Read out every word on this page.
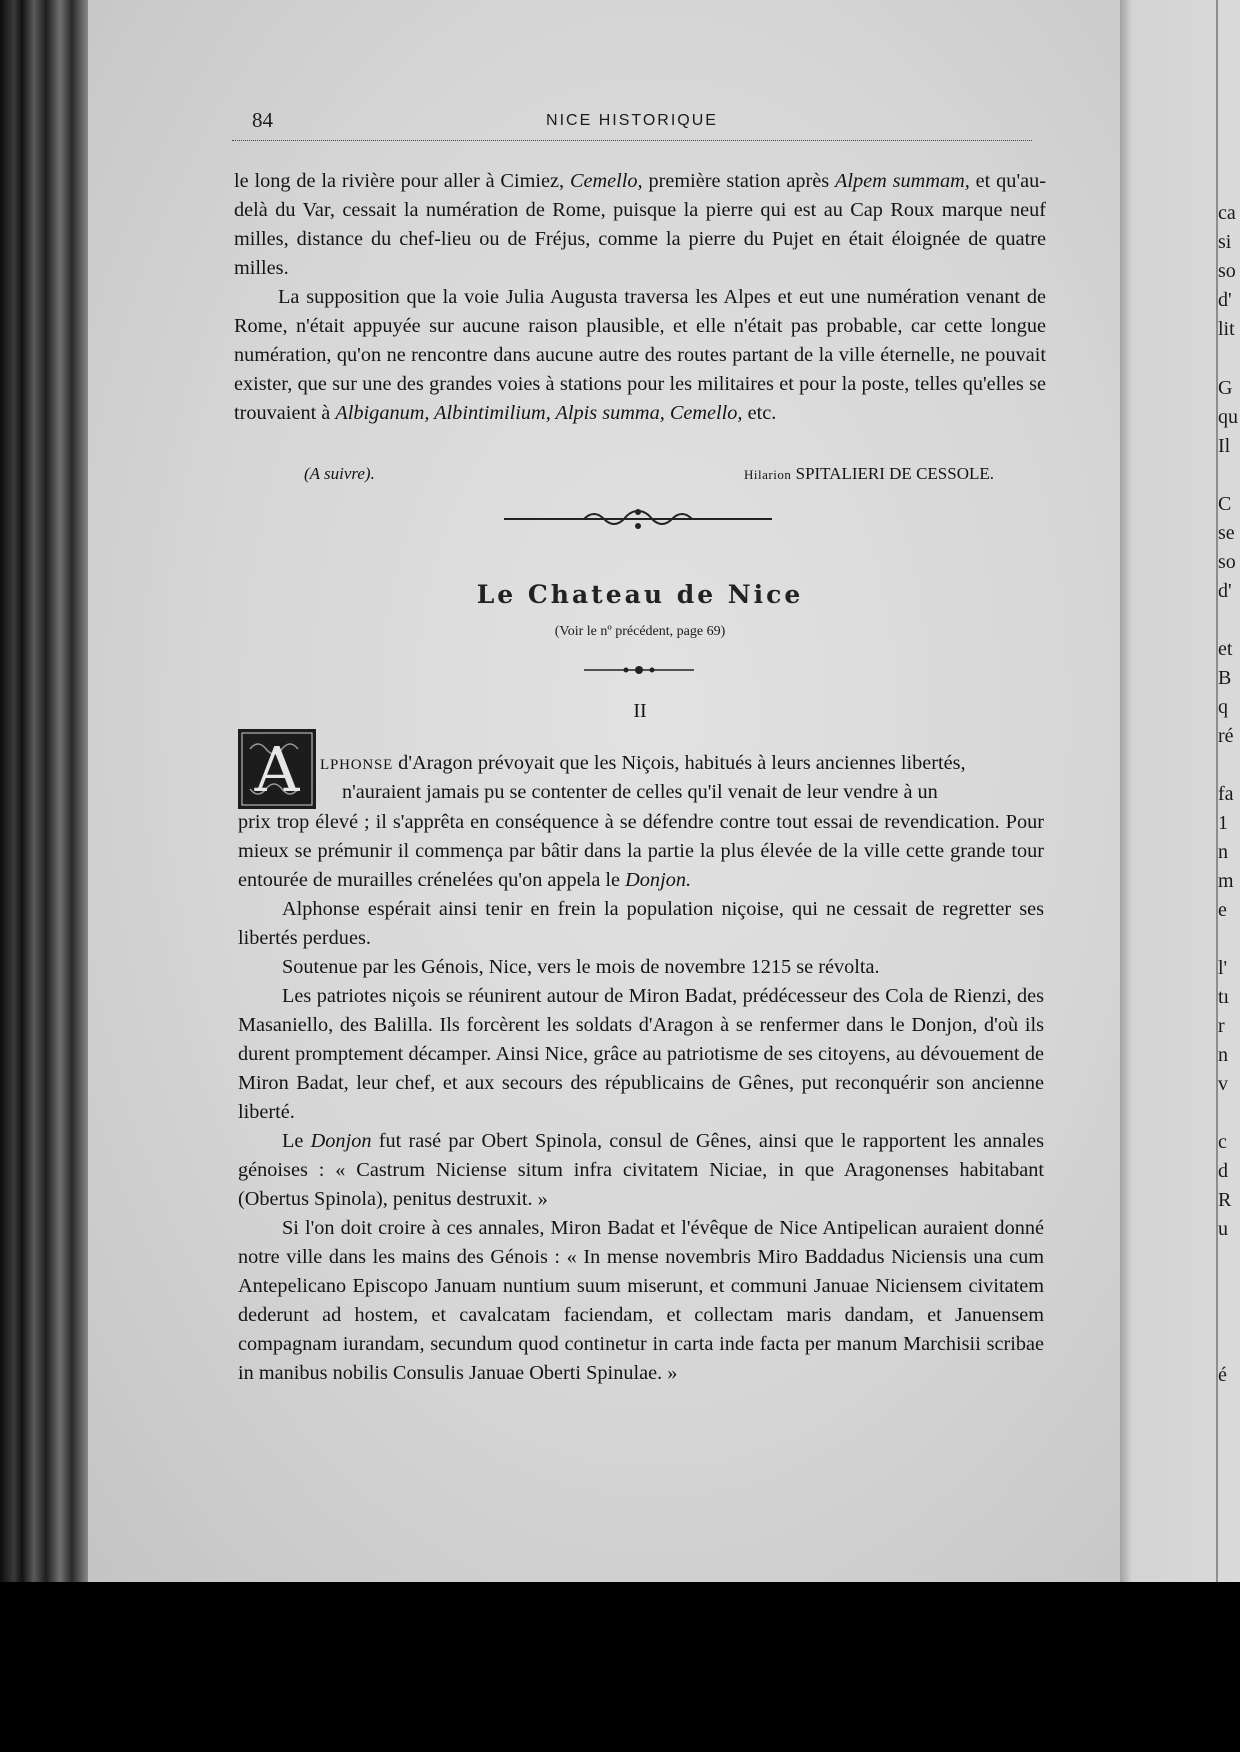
ca
si
so
d'
lit
G
qu
Il
C
se
so
d'
et
B
q
ré
fa
1
n
m
e
l'
tı
r
n
v
c
d
R
u
é
84	NICE HISTORIQUE

le long de la rivière pour aller à Cimiez, Cemello, première station après Alpem summam, et qu'au-delà du Var, cessait la numération de Rome, puisque la pierre qui est au Cap Roux marque neuf milles, distance du chef-lieu ou de Fréjus, comme la pierre du Pujet en était éloignée de quatre milles.

La supposition que la voie Julia Augusta traversa les Alpes et eut une numération venant de Rome, n'était appuyée sur aucune raison plausible, et elle n'était pas probable, car cette longue numération, qu'on ne rencontre dans aucune autre des routes partant de la ville éternelle, ne pouvait exister, que sur une des grandes voies à stations pour les militaires et pour la poste, telles qu'elles se trouvaient à Albiganum, Albintimilium, Alpis summa, Cemello, etc.

(A suivre).	Hilarion SPITALIERI DE CESSOLE.
Le Chateau de Nice
(Voir le nº précédent, page 69)
II
A LPHONSE d'Aragon prévoyait que les Niçois, habitués à leurs anciennes libertés,
n'auraient jamais pu se contenter de celles qu'il venait de leur vendre à un

prix trop élevé ; il s'apprêta en conséquence à se défendre contre tout essai de revendication. Pour mieux se prémunir il commença par bâtir dans la partie la plus élevée de la ville cette grande tour entourée de murailles crénelées qu'on appela le Donjon.

Alphonse espérait ainsi tenir en frein la population niçoise, qui ne cessait de regretter ses libertés perdues.

Soutenue par les Génois, Nice, vers le mois de novembre 1215 se révolta.

Les patriotes niçois se réunirent autour de Miron Badat, prédécesseur des Cola de Rienzi, des Masaniello, des Balilla. Ils forcèrent les soldats d'Aragon à se renfermer dans le Donjon, d'où ils durent promptement décamper. Ainsi Nice, grâce au patriotisme de ses citoyens, au dévouement de Miron Badat, leur chef, et aux secours des républicains de Gênes, put reconquérir son ancienne liberté.

Le Donjon fut rasé par Obert Spinola, consul de Gênes, ainsi que le rapportent les annales génoises : « Castrum Niciense situm infra civitatem Niciae, in que Aragonenses habitabant (Obertus Spinola), penitus destruxit. »

Si l'on doit croire à ces annales, Miron Badat et l'évêque de Nice Antipelican auraient donné notre ville dans les mains des Génois : « In mense novembris Miro Baddadus Niciensis una cum Antepelicano Episcopo Januam nuntium suum miserunt, et communi Januae Niciensem civitatem dederunt ad hostem, et cavalcatam faciendam, et collectam maris dandam, et Januensem compagnam iurandam, secundum quod continetur in carta inde facta per manum Marchisii scribae in manibus nobilis Consulis Januae Oberti Spinulae. »
